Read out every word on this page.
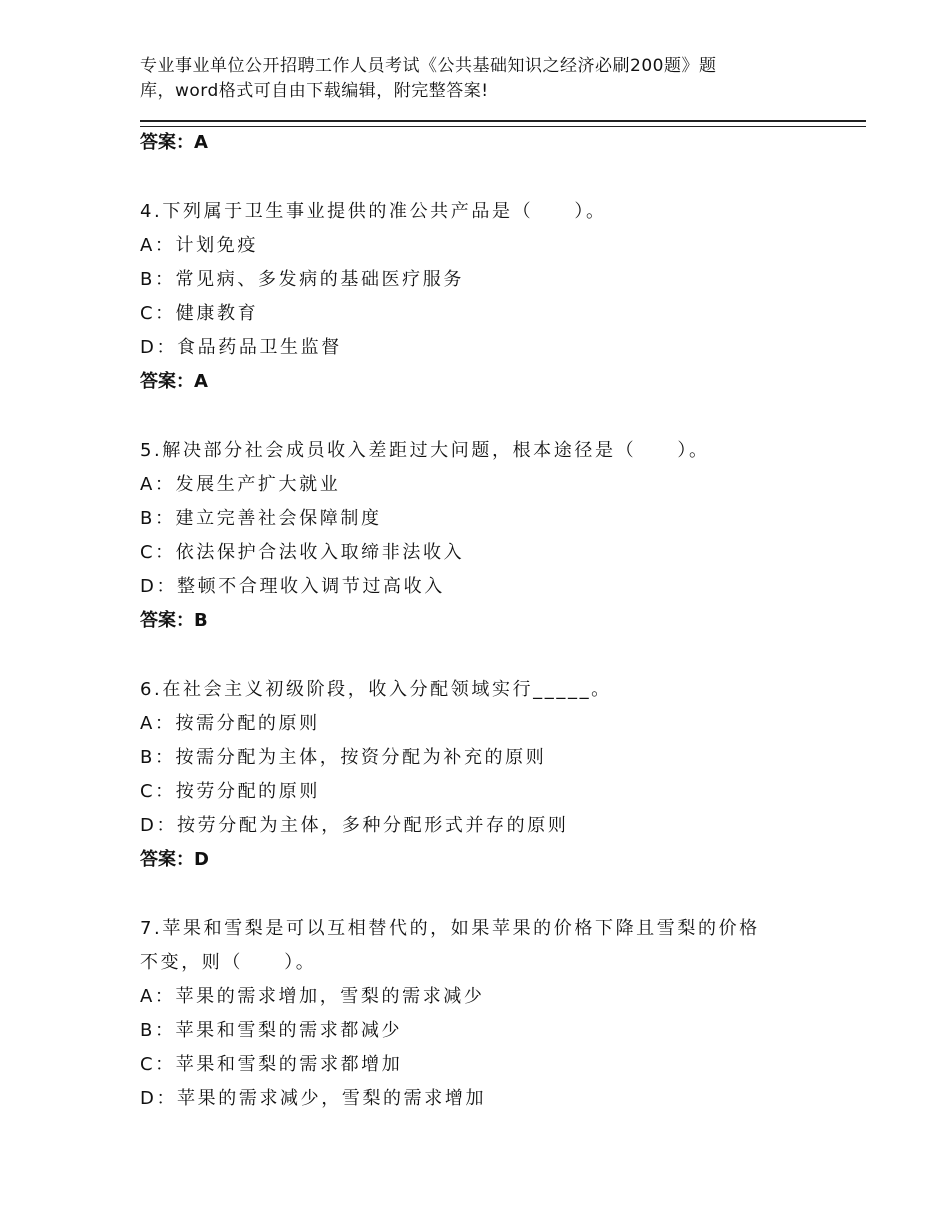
专业事业单位公开招聘工作人员考试《公共基础知识之经济必刷200题》题
库，word格式可自由下载编辑，附完整答案!
答案：A
4.下列属于卫生事业提供的准公共产品是（　　）。
A：计划免疫
B：常见病、多发病的基础医疗服务
C：健康教育
D：食品药品卫生监督
答案：A
5.解决部分社会成员收入差距过大问题，根本途径是（　　）。
A：发展生产扩大就业
B：建立完善社会保障制度
C：依法保护合法收入取缔非法收入
D：整顿不合理收入调节过高收入
答案：B
6.在社会主义初级阶段，收入分配领域实行_____。
A：按需分配的原则
B：按需分配为主体，按资分配为补充的原则
C：按劳分配的原则
D：按劳分配为主体，多种分配形式并存的原则
答案：D
7.苹果和雪梨是可以互相替代的，如果苹果的价格下降且雪梨的价格
不变，则（　　）。
A：苹果的需求增加，雪梨的需求减少
B：苹果和雪梨的需求都减少
C：苹果和雪梨的需求都增加
D：苹果的需求减少，雪梨的需求增加
